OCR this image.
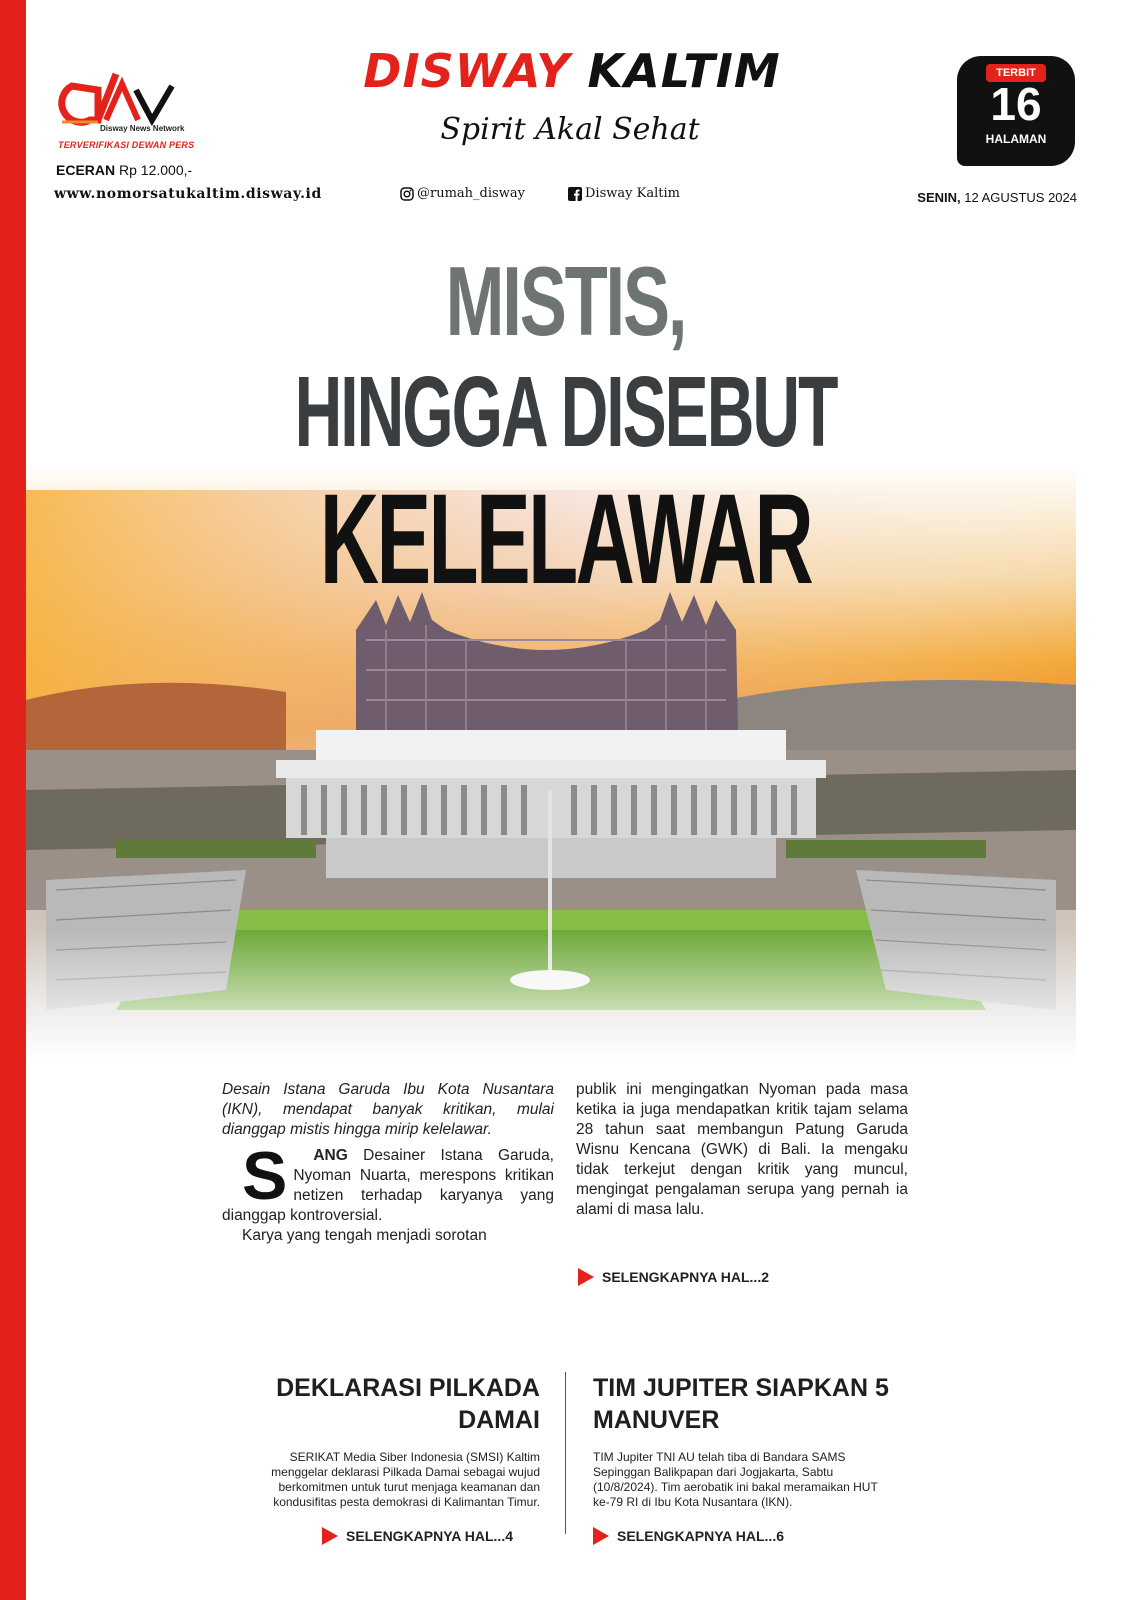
Disway News Network
TERVERIFIKASI DEWAN PERS
ECERAN Rp 12.000,-
www.nomorsatukaltim.disway.id
DISWAY KALTIM
Spirit Akal Sehat
@rumah_disway	Disway Kaltim
TERBIT
16
HALAMAN
SENIN, 12 AGUSTUS 2024
MISTIS,
HINGGA DISEBUT
KELELAWAR

Desain Istana Garuda Ibu Kota Nusantara (IKN), mendapat banyak kritikan, mulai dianggap mistis hingga mirip kelelawar.

S ANG Desainer Istana Garuda, Nyoman Nuarta, merespons kritikan netizen terhadap karyanya yang dianggap kontroversial.

Karya yang tengah menjadi sorotan

publik ini mengingatkan Nyoman pada masa ketika ia juga mendapatkan kritik tajam selama 28 tahun saat membangun Patung Garuda Wisnu Kencana (GWK) di Bali. Ia mengaku tidak terkejut dengan kritik yang muncul, mengingat pengalaman serupa yang pernah ia alami di masa lalu.

SELENGKAPNYA HAL...2
DEKLARASI PILKADA DAMAI
SERIKAT Media Siber Indonesia (SMSI) Kaltim menggelar deklarasi Pilkada Damai sebagai wujud berkomitmen untuk turut menjaga keamanan dan kondusifitas pesta demokrasi di Kalimantan Timur.
SELENGKAPNYA HAL...4
TIM JUPITER SIAPKAN 5 MANUVER
TIM Jupiter TNI AU telah tiba di Bandara SAMS Sepinggan Balikpapan dari Jogjakarta, Sabtu (10/8/2024). Tim aerobatik ini bakal meramaikan HUT ke-79 RI di Ibu Kota Nusantara (IKN).
SELENGKAPNYA HAL...6
